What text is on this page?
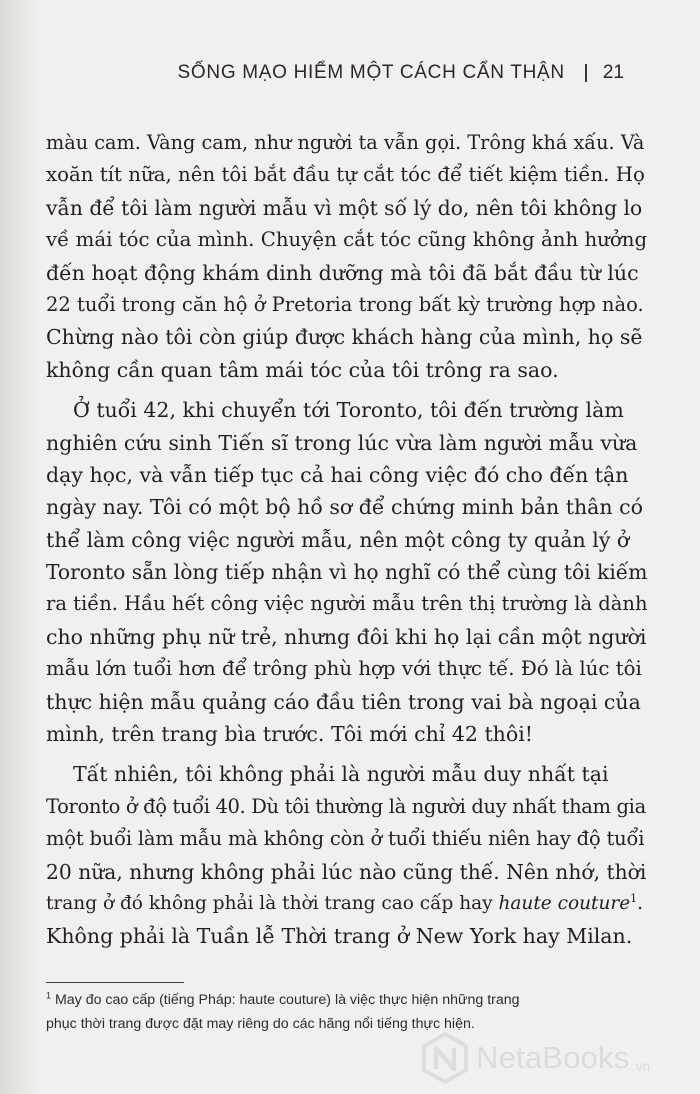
SỐNG MẠO HIỂM MỘT CÁCH CẨN THẬN 21
màu cam. Vàng cam, như người ta vẫn gọi. Trông khá xấu. Và
xoăn tít nữa, nên tôi bắt đầu tự cắt tóc để tiết kiệm tiền. Họ
vẫn để tôi làm người mẫu vì một số lý do, nên tôi không lo
về mái tóc của mình. Chuyện cắt tóc cũng không ảnh hưởng
đến hoạt động khám dinh dưỡng mà tôi đã bắt đầu từ lúc
22 tuổi trong căn hộ ở Pretoria trong bất kỳ trường hợp nào.
Chừng nào tôi còn giúp được khách hàng của mình, họ sẽ
không cần quan tâm mái tóc của tôi trông ra sao.
Ở tuổi 42, khi chuyển tới Toronto, tôi đến trường làm
nghiên cứu sinh Tiến sĩ trong lúc vừa làm người mẫu vừa
dạy học, và vẫn tiếp tục cả hai công việc đó cho đến tận
ngày nay. Tôi có một bộ hồ sơ để chứng minh bản thân có
thể làm công việc người mẫu, nên một công ty quản lý ở
Toronto sẵn lòng tiếp nhận vì họ nghĩ có thể cùng tôi kiếm
ra tiền. Hầu hết công việc người mẫu trên thị trường là dành
cho những phụ nữ trẻ, nhưng đôi khi họ lại cần một người
mẫu lớn tuổi hơn để trông phù hợp với thực tế. Đó là lúc tôi
thực hiện mẫu quảng cáo đầu tiên trong vai bà ngoại của
mình, trên trang bìa trước. Tôi mới chỉ 42 thôi!
Tất nhiên, tôi không phải là người mẫu duy nhất tại
Toronto ở độ tuổi 40. Dù tôi thường là người duy nhất tham gia
một buổi làm mẫu mà không còn ở tuổi thiếu niên hay độ tuổi
20 nữa, nhưng không phải lúc nào cũng thế. Nên nhớ, thời
trang ở đó không phải là thời trang cao cấp hay haute couture$^1$.
Không phải là Tuần lễ Thời trang ở New York hay Milan.
$^1$ May đo cao cấp (tiếng Pháp: haute couture) là việc thực hiện những trang
phục thời trang được đặt may riêng do các hãng nổi tiếng thực hiện.
NetaBooks .vn
